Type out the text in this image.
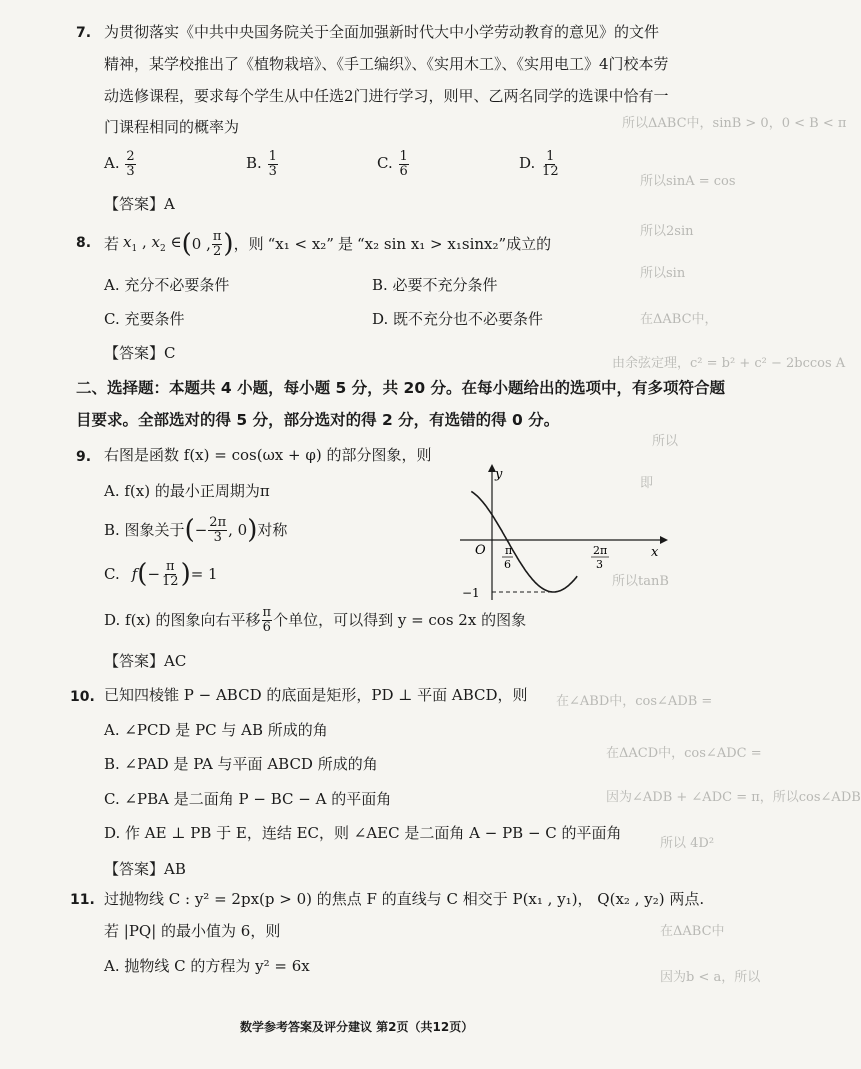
所以ΔABC中，sinB > 0，0 < B < π
所以sinA = cos
所以2sin
所以sin
在ΔABC中，
由余弦定理，c² = b² + c² − 2bccos A
所以
即
所以tanB
在∠ABD中，cos∠ADB =
在ΔACD中，cos∠ADC =
因为∠ADB + ∠ADC = π，所以cos∠ADB
所以 4D²
在ΔABC中
因为b < a，所以
7. 为贯彻落实《中共中央国务院关于全面加强新时代大中小学劳动教育的意见》的文件
精神，某学校推出了《植物栽培》、《手工编织》、《实用木工》、《实用电工》4门校本劳
动选修课程，要求每个学生从中任选2门进行学习，则甲、乙两名同学的选课中恰有一
门课程相同的概率为
A. $\frac{2}{3}$	B. $\frac{1}{3}$	C. $\frac{1}{6}$	D. $\frac{1}{12}$
【答案】A
8. 若 $x_1$ , $x_2$ ∈ ( 0 , $\frac{\pi}{2}$ ) ，则 “x₁ < x₂” 是 “x₂ sin x₁ > x₁sinx₂” 成立的
A. 充分不必要条件	B. 必要不充分条件
C. 充要条件	D. 既不充分也不必要条件
【答案】C
二、选择题：本题共 4 小题，每小题 5 分，共 20 分。在每小题给出的选项中，有多项符合题
目要求。全部选对的得 5 分，部分选对的得 2 分，有选错的得 0 分。
9. 右图是函数 f(x) = cos(ωx + φ) 的部分图象，则
A. f(x) 的最小正周期为π
B. 图象关于 ( − $\frac{2\pi}{3}$ , 0 ) 对称
C. f ( − $\frac{\pi}{12}$ ) = 1
D. f(x) 的图象向右平移 $\frac{\pi}{6}$ 个单位，可以得到 y = cos 2x 的图象
【答案】AC
y
x
O
−1
π
6
2π
3
10. 已知四棱锥 P − ABCD 的底面是矩形，PD ⊥ 平面 ABCD，则
A. ∠PCD 是 PC 与 AB 所成的角
B. ∠PAD 是 PA 与平面 ABCD 所成的角
C. ∠PBA 是二面角 P − BC − A 的平面角
D. 作 AE ⊥ PB 于 E，连结 EC，则 ∠AEC 是二面角 A − PB − C 的平面角
【答案】AB
11. 过抛物线 C : y² = 2px(p > 0) 的焦点 F 的直线与 C 相交于 P(x₁ , y₁)， Q(x₂ , y₂) 两点.
若 |PQ| 的最小值为 6，则
A. 抛物线 C 的方程为 y² = 6x
数学参考答案及评分建议 第2页（共12页）
